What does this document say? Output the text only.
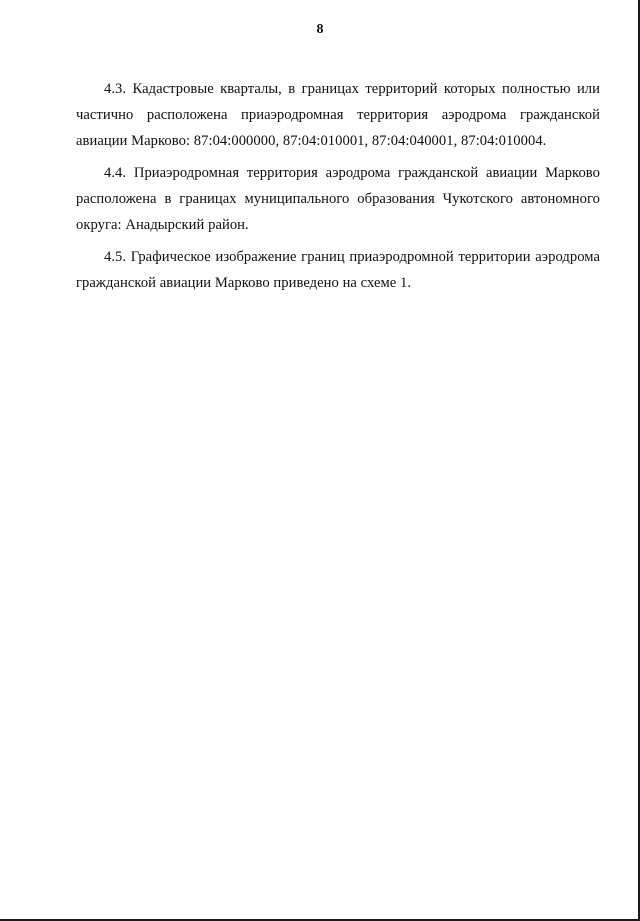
8

4.3. Кадастровые кварталы, в границах территорий которых полностью или частично расположена приаэродромная территория аэродрома гражданской авиации Марково: 87:04:000000, 87:04:010001, 87:04:040001, 87:04:010004.

4.4. Приаэродромная территория аэродрома гражданской авиации Марково расположена в границах муниципального образования Чукотского автономного округа: Анадырский район.

4.5. Графическое изображение границ приаэродромной территории аэродрома гражданской авиации Марково приведено на схеме 1.
